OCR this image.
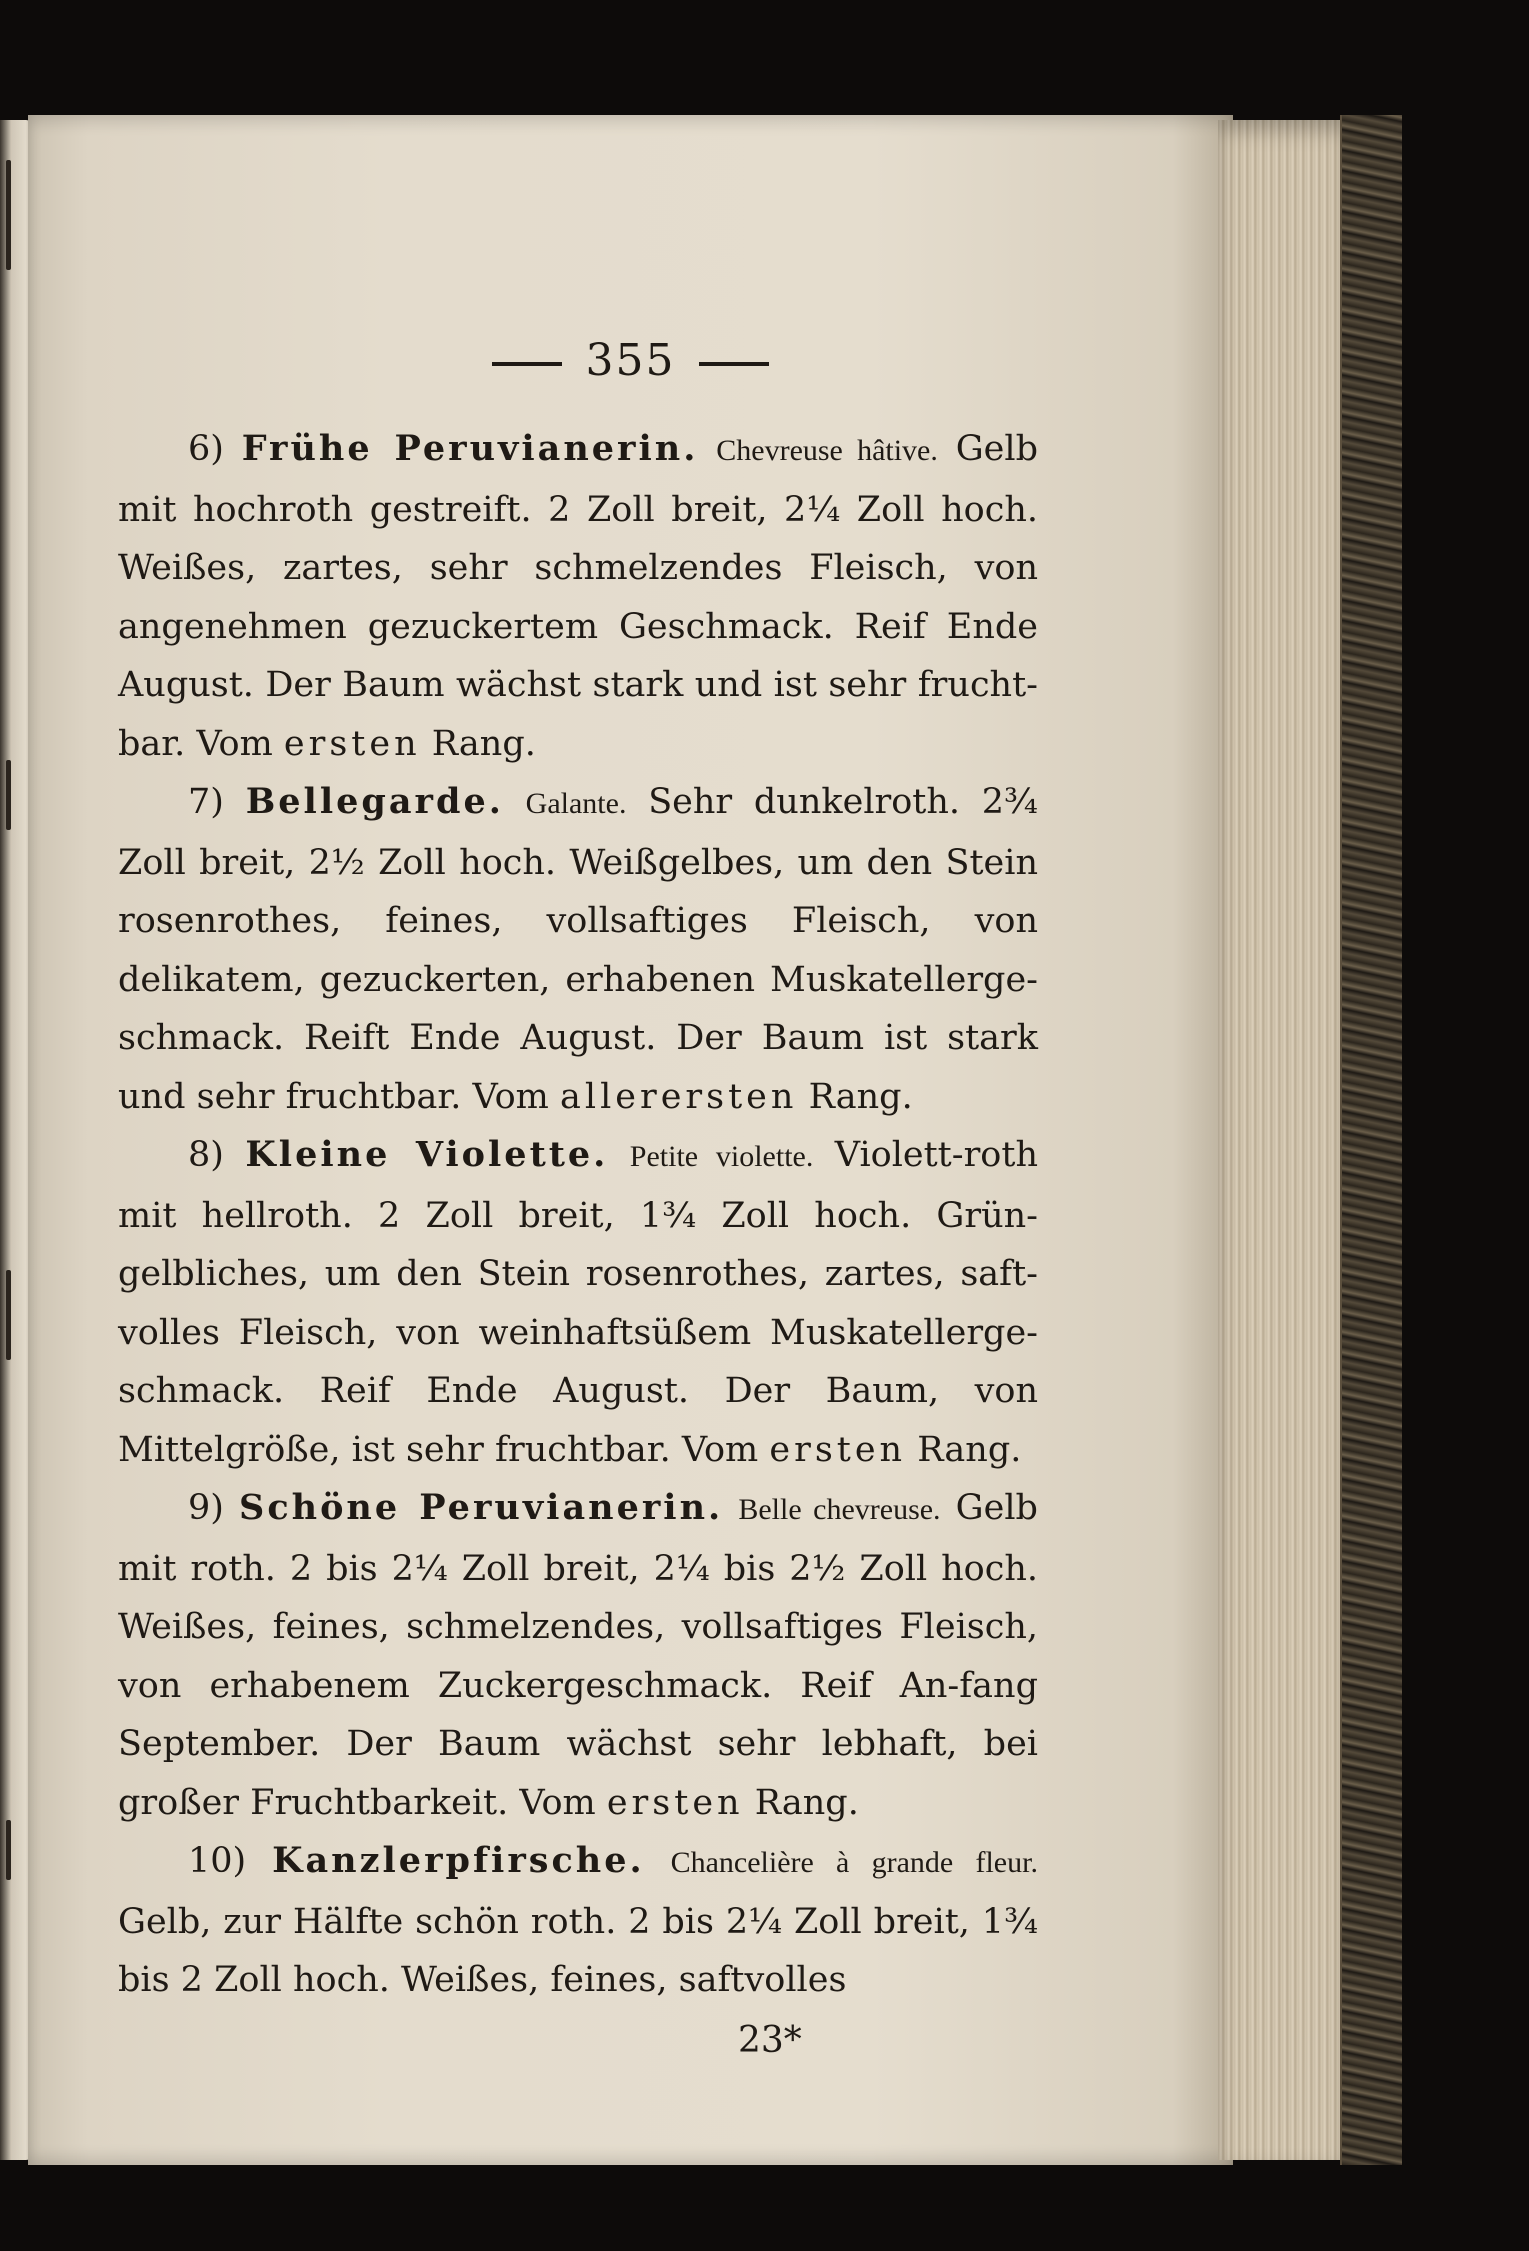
355

6) Frühe Peruvianerin. Chevreuse hâtive. Gelb mit hochroth gestreift. 2 Zoll breit, 2¼ Zoll hoch. Weißes, zartes, sehr schmelzendes Fleisch, von angenehmen gezuckertem Geschmack. Reif Ende August. Der Baum wächst stark und ist sehr frucht-bar. Vom ersten Rang.

7) Bellegarde. Galante. Sehr dunkelroth. 2¾ Zoll breit, 2½ Zoll hoch. Weißgelbes, um den Stein rosenrothes, feines, vollsaftiges Fleisch, von delikatem, gezuckerten, erhabenen Muskatellerge-schmack. Reift Ende August. Der Baum ist stark und sehr fruchtbar. Vom allerersten Rang.

8) Kleine Violette. Petite violette. Violett-roth mit hellroth. 2 Zoll breit, 1¾ Zoll hoch. Grün-gelbliches, um den Stein rosenrothes, zartes, saft-volles Fleisch, von weinhaftsüßem Muskatellerge-schmack. Reif Ende August. Der Baum, von Mittelgröße, ist sehr fruchtbar. Vom ersten Rang.

9) Schöne Peruvianerin. Belle chevreuse. Gelb mit roth. 2 bis 2¼ Zoll breit, 2¼ bis 2½ Zoll hoch. Weißes, feines, schmelzendes, vollsaftiges Fleisch, von erhabenem Zuckergeschmack. Reif An-fang September. Der Baum wächst sehr lebhaft, bei großer Fruchtbarkeit. Vom ersten Rang.

10) Kanzlerpfirsche. Chancelière à grande fleur. Gelb, zur Hälfte schön roth. 2 bis 2¼ Zoll breit, 1¾ bis 2 Zoll hoch. Weißes, feines, saftvolles

23*
